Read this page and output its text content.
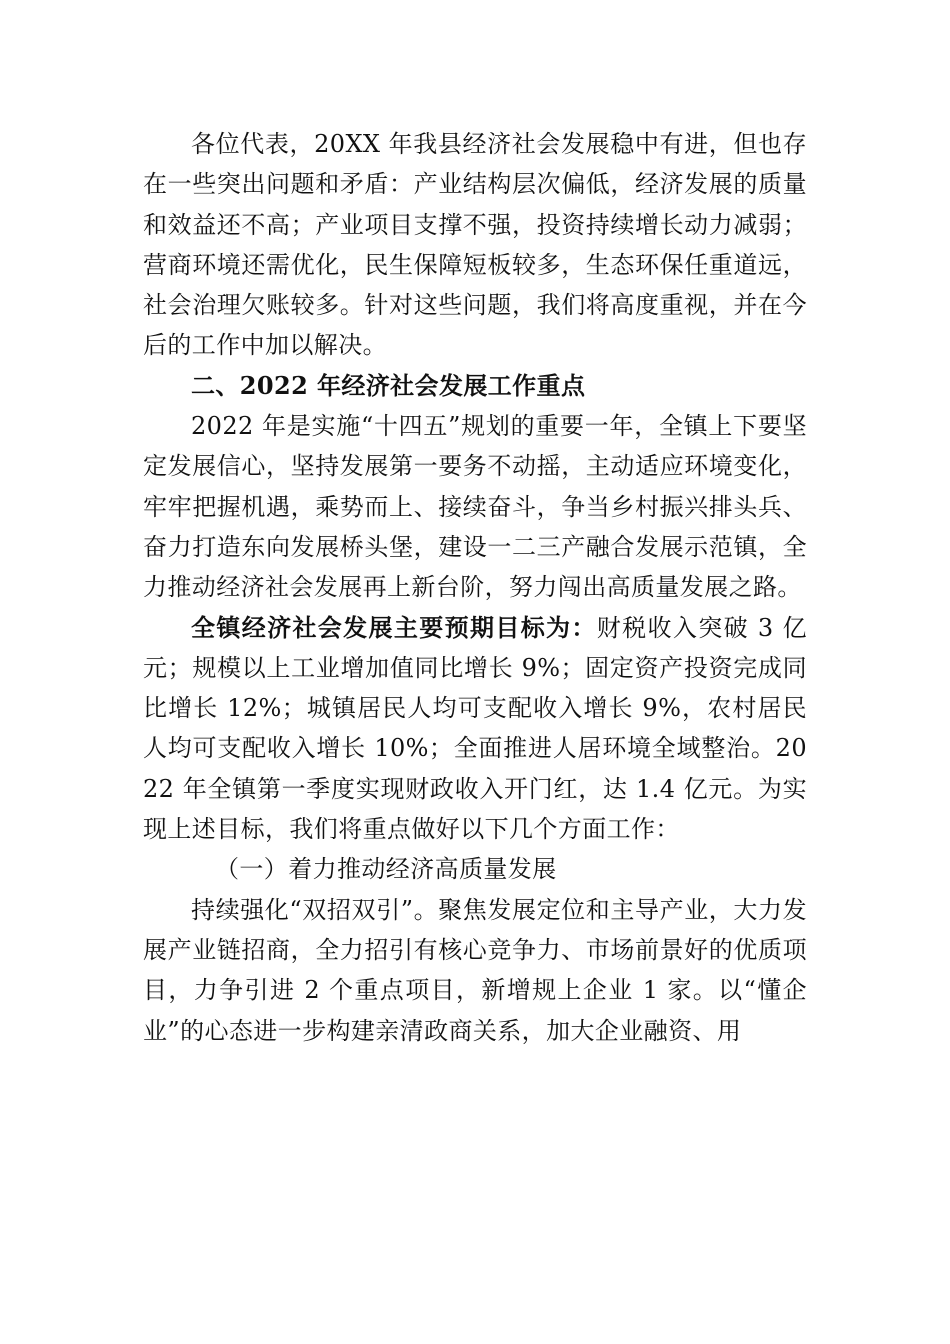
各位代表，20XX 年我县经济社会发展稳中有进，但也存在一些突出问题和矛盾：产业结构层次偏低，经济发展的质量和效益还不高；产业项目支撑不强，投资持续增长动力减弱；营商环境还需优化，民生保障短板较多，生态环保任重道远，社会治理欠账较多。针对这些问题，我们将高度重视，并在今后的工作中加以解决。

二、2022 年经济社会发展工作重点

2022 年是实施“十四五”规划的重要一年，全镇上下要坚定发展信心，坚持发展第一要务不动摇，主动适应环境变化，牢牢把握机遇，乘势而上、接续奋斗，争当乡村振兴排头兵、奋力打造东向发展桥头堡，建设一二三产融合发展示范镇，全力推动经济社会发展再上新台阶，努力闯出高质量发展之路。

全镇经济社会发展主要预期目标为：财税收入突破 3 亿元；规模以上工业增加值同比增长 9%；固定资产投资完成同比增长 12%；城镇居民人均可支配收入增长 9%，农村居民人均可支配收入增长 10%；全面推进人居环境全域整治。2022 年全镇第一季度实现财政收入开门红，达 1.4 亿元。为实现上述目标，我们将重点做好以下几个方面工作：

（一）着力推动经济高质量发展

持续强化“双招双引”。聚焦发展定位和主导产业，大力发展产业链招商，全力招引有核心竞争力、市场前景好的优质项目，力争引进 2 个重点项目，新增规上企业 1 家。以“懂企业”的心态进一步构建亲清政商关系，加大企业融资、用
